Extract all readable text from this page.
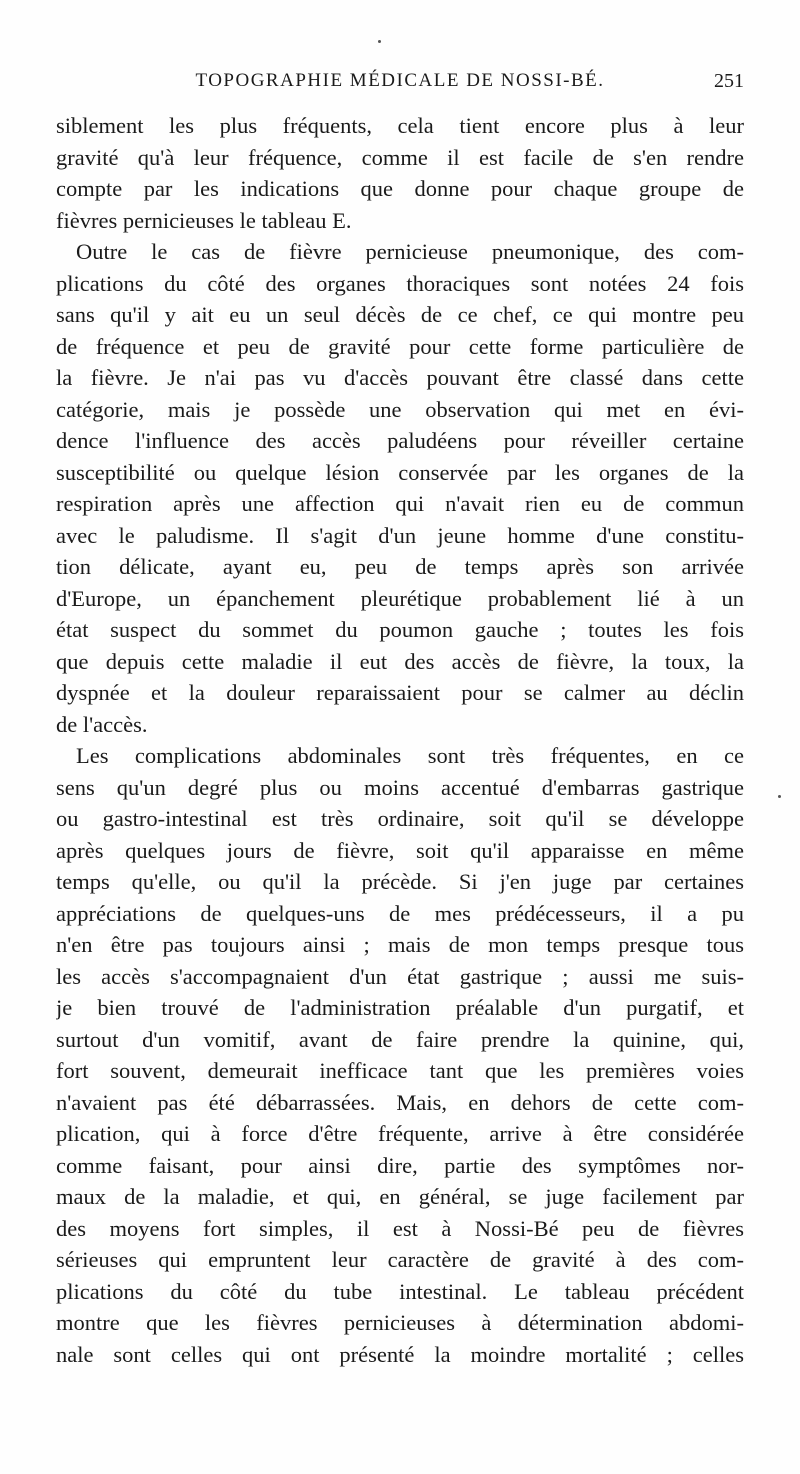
TOPOGRAPHIE MÉDICALE DE NOSSI-BÉ.	251
siblement les plus fréquents, cela tient encore plus à leur
gravité qu'à leur fréquence, comme il est facile de s'en rendre
compte par les indications que donne pour chaque groupe de
fièvres pernicieuses le tableau E.
Outre le cas de fièvre pernicieuse pneumonique, des com-
plications du côté des organes thoraciques sont notées 24 fois
sans qu'il y ait eu un seul décès de ce chef, ce qui montre peu
de fréquence et peu de gravité pour cette forme particulière de
la fièvre. Je n'ai pas vu d'accès pouvant être classé dans cette
catégorie, mais je possède une observation qui met en évi-
dence l'influence des accès paludéens pour réveiller certaine
susceptibilité ou quelque lésion conservée par les organes de la
respiration après une affection qui n'avait rien eu de commun
avec le paludisme. Il s'agit d'un jeune homme d'une constitu-
tion délicate, ayant eu, peu de temps après son arrivée
d'Europe, un épanchement pleurétique probablement lié à un
état suspect du sommet du poumon gauche ; toutes les fois
que depuis cette maladie il eut des accès de fièvre, la toux, la
dyspnée et la douleur reparaissaient pour se calmer au déclin
de l'accès.
Les complications abdominales sont très fréquentes, en ce
sens qu'un degré plus ou moins accentué d'embarras gastrique
ou gastro-intestinal est très ordinaire, soit qu'il se développe
après quelques jours de fièvre, soit qu'il apparaisse en même
temps qu'elle, ou qu'il la précède. Si j'en juge par certaines
appréciations de quelques-uns de mes prédécesseurs, il a pu
n'en être pas toujours ainsi ; mais de mon temps presque tous
les accès s'accompagnaient d'un état gastrique ; aussi me suis-
je bien trouvé de l'administration préalable d'un purgatif, et
surtout d'un vomitif, avant de faire prendre la quinine, qui,
fort souvent, demeurait inefficace tant que les premières voies
n'avaient pas été débarrassées. Mais, en dehors de cette com-
plication, qui à force d'être fréquente, arrive à être considérée
comme faisant, pour ainsi dire, partie des symptômes nor-
maux de la maladie, et qui, en général, se juge facilement par
des moyens fort simples, il est à Nossi-Bé peu de fièvres
sérieuses qui empruntent leur caractère de gravité à des com-
plications du côté du tube intestinal. Le tableau précédent
montre que les fièvres pernicieuses à détermination abdomi-
nale sont celles qui ont présenté la moindre mortalité ; celles
